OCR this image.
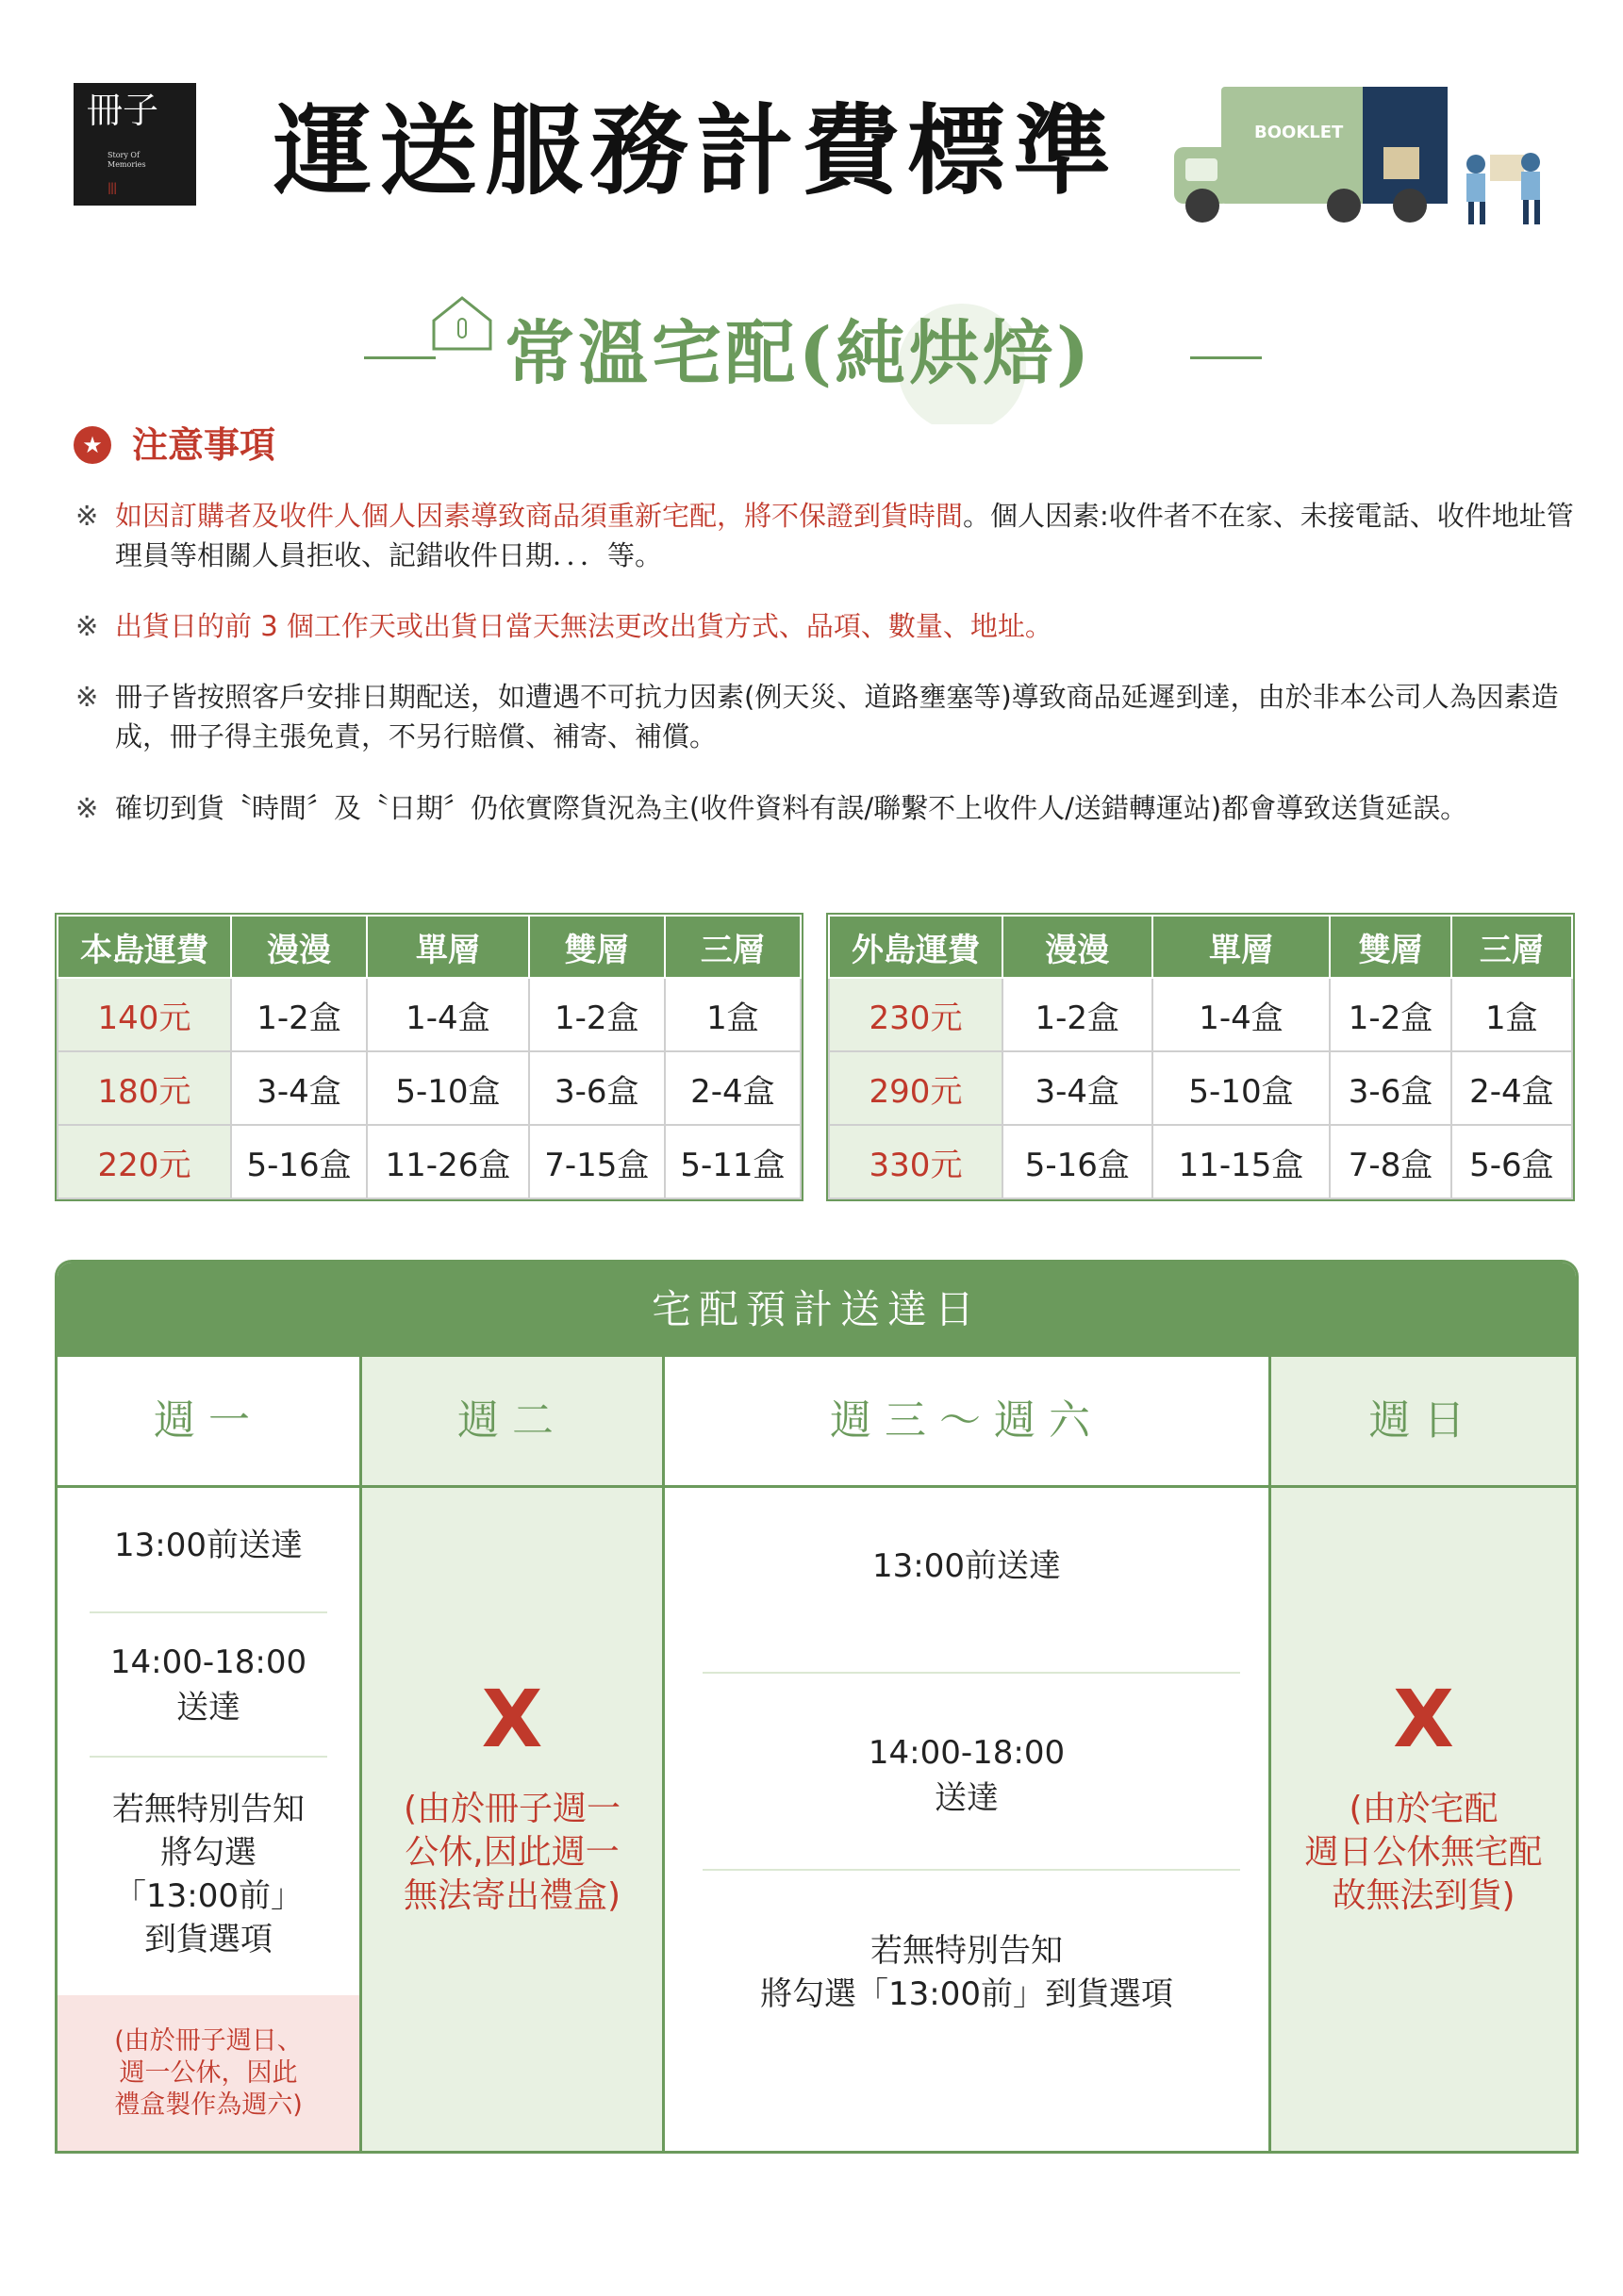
冊子
Story Of
Memories
||| 運送服務計費標準	BOOKLET
常溫宅配(純烘焙)
★ 注意事項
※ 如因訂購者及收件人個人因素導致商品須重新宅配，將不保證到貨時間。個人因素:收件者不在家、未接電話、收件地址管理員等相關人員拒收、記錯收件日期．．．等。
※ 出貨日的前 3 個工作天或出貨日當天無法更改出貨方式、品項、數量、地址。
※ 冊子皆按照客戶安排日期配送，如遭遇不可抗力因素(例天災、道路壅塞等)導致商品延遲到達，由於非本公司人為因素造成，冊子得主張免責，不另行賠償、補寄、補償。
※ 確切到貨〝時間〞及〝日期〞仍依實際貨況為主(收件資料有誤/聯繫不上收件人/送錯轉運站)都會導致送貨延誤。
本島運費	漫漫	單層	雙層	三層
140元	1-2盒	1-4盒	1-2盒	1盒
180元	3-4盒	5-10盒	3-6盒	2-4盒
220元	5-16盒	11-26盒	7-15盒	5-11盒
外島運費	漫漫	單層	雙層	三層
230元	1-2盒	1-4盒	1-2盒	1盒
290元	3-4盒	5-10盒	3-6盒	2-4盒
330元	5-16盒	11-15盒	7-8盒	5-6盒
宅配預計送達日
週一
13:00前送達
14:00-18:00
送達
若無特別告知
將勾選
「13:00前」
到貨選項
(由於冊子週日、
週一公休，因此
禮盒製作為週六)
週二
X
(由於冊子週一
公休,因此週一
無法寄出禮盒)
週三～週六
13:00前送達
14:00-18:00
送達
若無特別告知
將勾選「13:00前」到貨選項
週日
X
(由於宅配
週日公休無宅配
故無法到貨)
